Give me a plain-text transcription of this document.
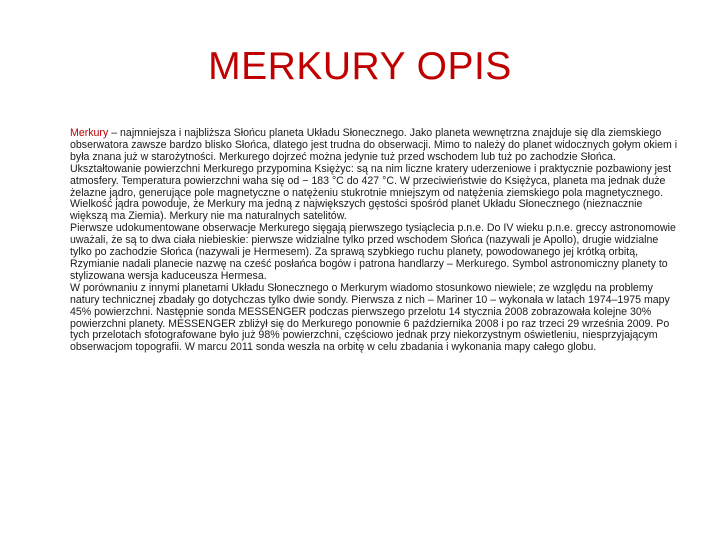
MERKURY OPIS

Merkury – najmniejsza i najbliższa Słońcu planeta Układu Słonecznego. Jako planeta wewnętrzna znajduje się dla ziemskiego obserwatora zawsze bardzo blisko Słońca, dlatego jest trudna do obserwacji. Mimo to należy do planet widocznych gołym okiem i była znana już w starożytności. Merkurego dojrzeć można jedynie tuż przed wschodem lub tuż po zachodzie Słońca.

Ukształtowanie powierzchni Merkurego przypomina Księżyc: są na nim liczne kratery uderzeniowe i praktycznie pozbawiony jest atmosfery. Temperatura powierzchni waha się od − 183 °C do 427 °C. W przeciwieństwie do Księżyca, planeta ma jednak duże żelazne jądro, generujące pole magnetyczne o natężeniu stukrotnie mniejszym od natężenia ziemskiego pola magnetycznego. Wielkość jądra powoduje, że Merkury ma jedną z największych gęstości spośród planet Układu Słonecznego (nieznacznie większą ma Ziemia). Merkury nie ma naturalnych satelitów.

Pierwsze udokumentowane obserwacje Merkurego sięgają pierwszego tysiąclecia p.n.e. Do IV wieku p.n.e. greccy astronomowie uważali, że są to dwa ciała niebieskie: pierwsze widzialne tylko przed wschodem Słońca (nazywali je Apollo), drugie widzialne tylko po zachodzie Słońca (nazywali je Hermesem). Za sprawą szybkiego ruchu planety, powodowanego jej krótką orbitą, Rzymianie nadali planecie nazwę na cześć posłańca bogów i patrona handlarzy – Merkurego. Symbol astronomiczny planety to stylizowana wersja kaduceusza Hermesa.

W porównaniu z innymi planetami Układu Słonecznego o Merkurym wiadomo stosunkowo niewiele; ze względu na problemy natury technicznej zbadały go dotychczas tylko dwie sondy. Pierwsza z nich – Mariner 10 – wykonała w latach 1974–1975 mapy 45% powierzchni. Następnie sonda MESSENGER podczas pierwszego przelotu 14 stycznia 2008 zobrazowała kolejne 30% powierzchni planety. MESSENGER zbliżył się do Merkurego ponownie 6 października 2008 i po raz trzeci 29 września 2009. Po tych przelotach sfotografowane było już 98% powierzchni, częściowo jednak przy niekorzystnym oświetleniu, niesprzyjającym obserwacjom topografii. W marcu 2011 sonda weszła na orbitę w celu zbadania i wykonania mapy całego globu.
